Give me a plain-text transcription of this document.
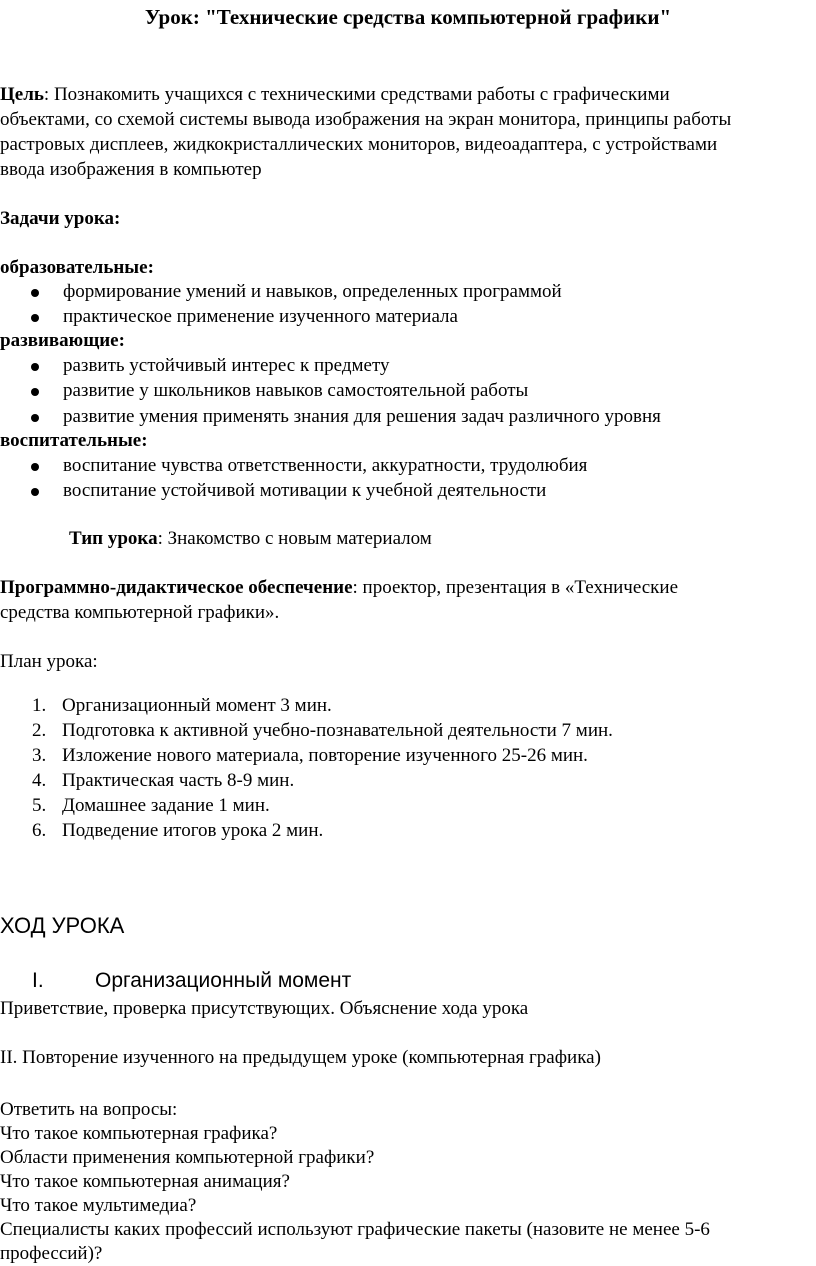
Урок: "Технические средства компьютерной графики"
Цель: Познакомить учащихся с техническими средствами работы с графическими
объектами, со схемой системы вывода изображения на экран монитора, принципы работы
растровых дисплеев, жидкокристаллических мониторов, видеоадаптера, с устройствами
ввода изображения в компьютер
Задачи урока:
образовательные:
формирование умений и навыков, определенных программой
практическое применение изученного материала
развивающие:
развить устойчивый интерес к предмету
развитие у школьников навыков самостоятельной работы
развитие умения применять знания для решения задач различного уровня
воспитательные:
воспитание чувства ответственности, аккуратности, трудолюбия
воспитание устойчивой мотивации к учебной деятельности
Тип урока: Знакомство с новым материалом
Программно-дидактическое обеспечение: проектор, презентация в «Технические
средства компьютерной графики».
План урока:
1. Организационный момент 3 мин.
2. Подготовка к активной учебно-познавательной деятельности 7 мин.
3. Изложение нового материала, повторение изученного 25-26 мин.
4. Практическая часть 8-9 мин.
5. Домашнее задание 1 мин.
6. Подведение итогов урока 2 мин.
ХОД УРОКА
I. Организационный момент
Приветствие, проверка присутствующих. Объяснение хода урока
II. Повторение изученного на предыдущем уроке (компьютерная графика)
Ответить на вопросы:
Что такое компьютерная графика?
Области применения компьютерной графики?
Что такое компьютерная анимация?
Что такое мультимедиа?
Специалисты каких профессий используют графические пакеты (назовите не менее 5-6
профессий)?
